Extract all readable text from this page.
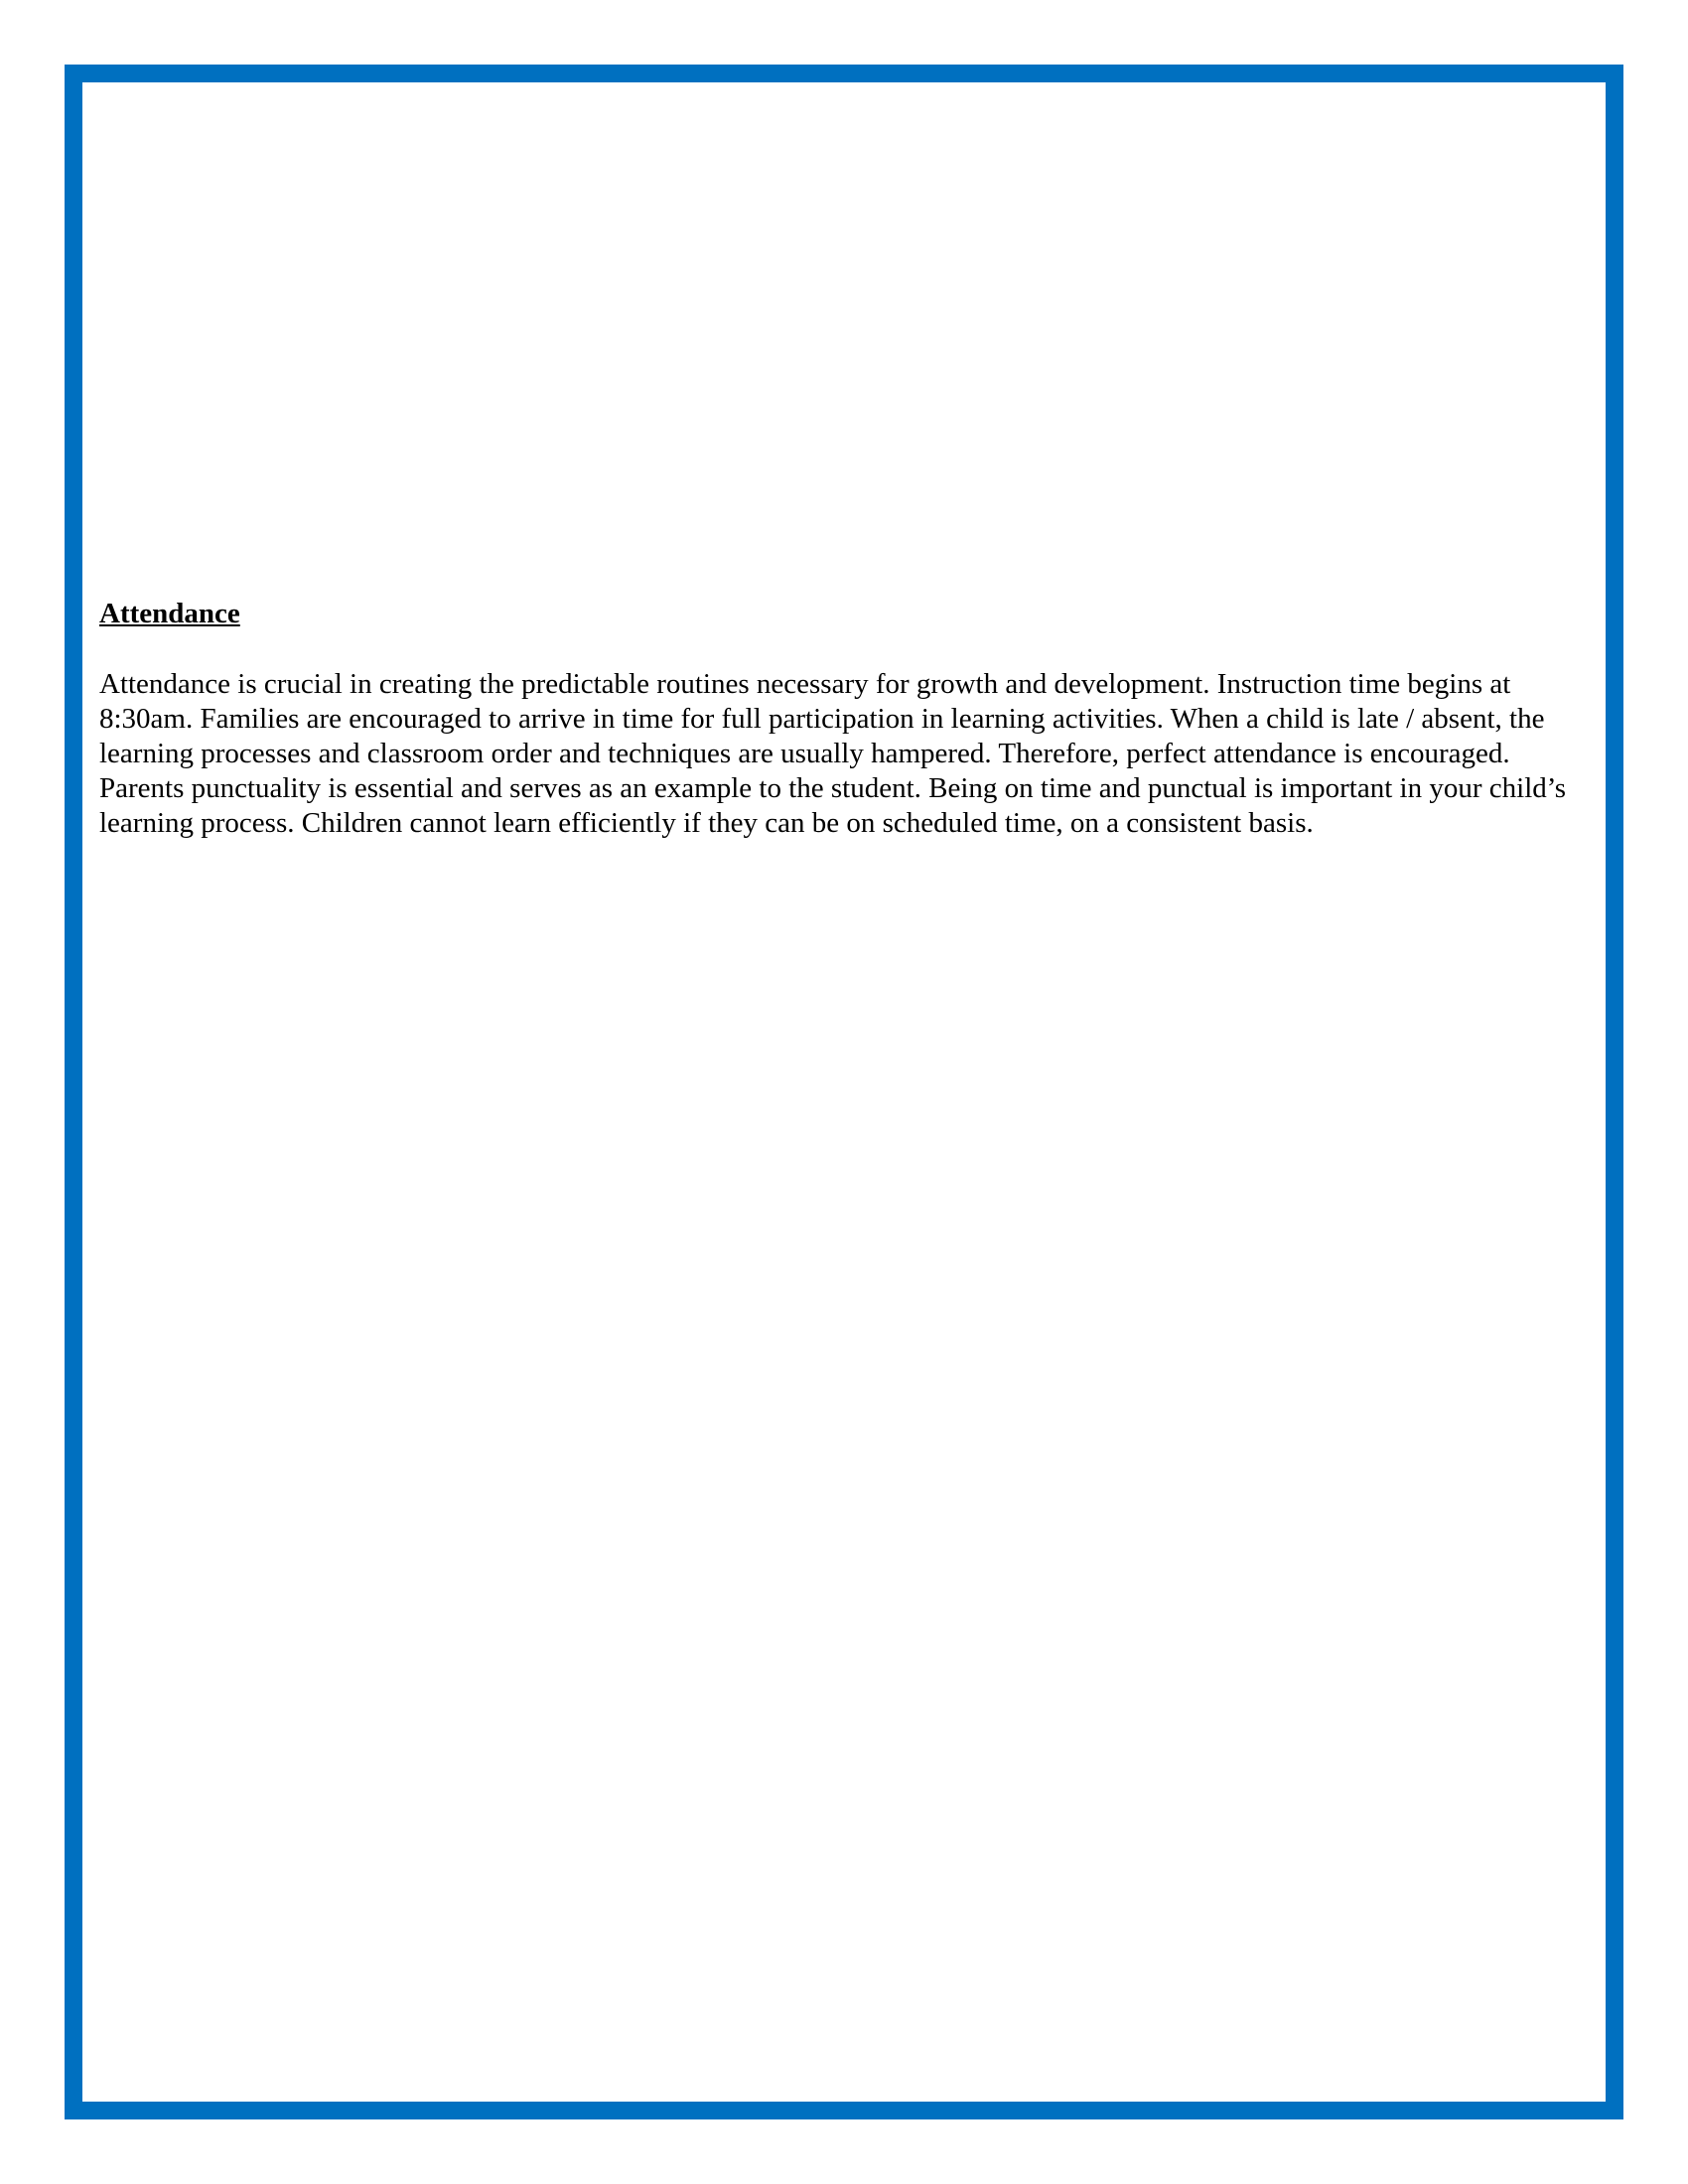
Attendance

Attendance is crucial in creating the predictable routines necessary for growth and development. Instruction time begins at 8:30am. Families are encouraged to arrive in time for full participation in learning activities. When a child is late / absent, the learning processes and classroom order and techniques are usually hampered. Therefore, perfect attendance is encouraged. Parents punctuality is essential and serves as an example to the student. Being on time and punctual is important in your child’s learning process. Children cannot learn efficiently if they can be on scheduled time, on a consistent basis.
